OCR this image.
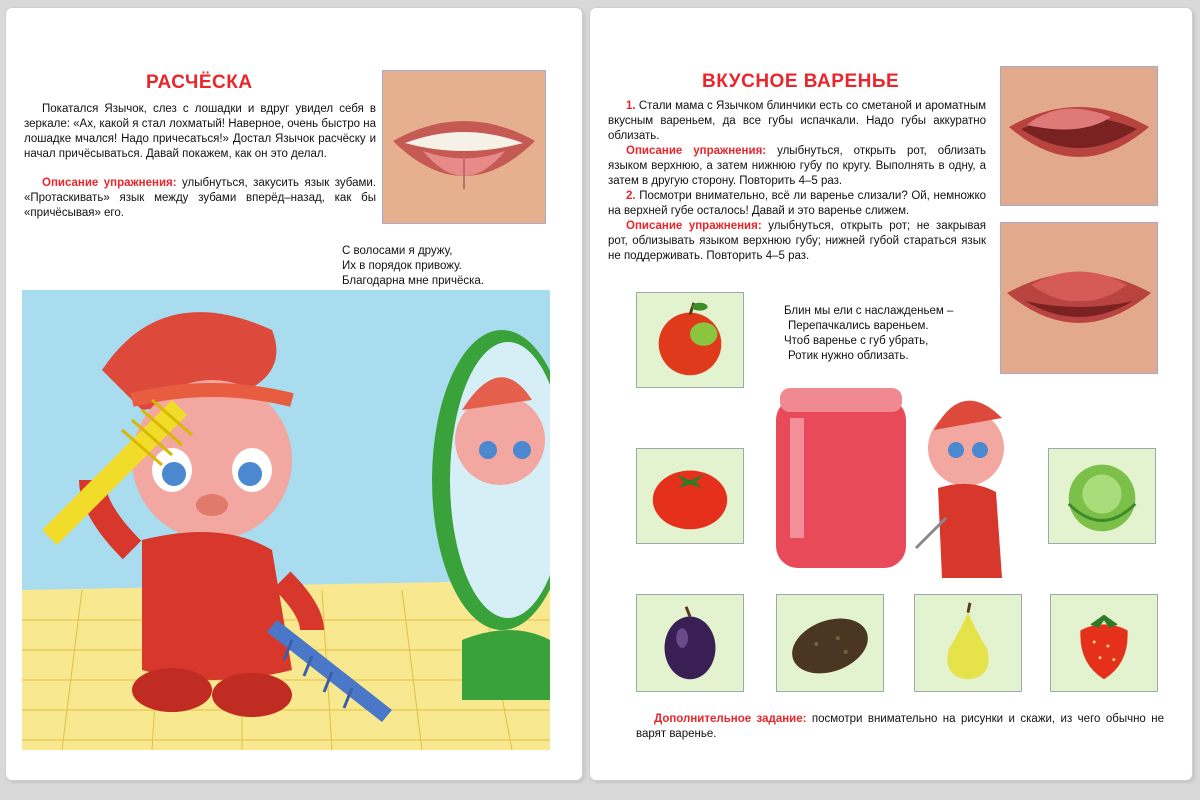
РАСЧЁСКА

Покатался Язычок, слез с лошадки и вдруг увидел себя в зеркале: «Ах, какой я стал лохматый! Наверное, очень быстро на лошадке мчался! Надо причесаться!» Достал Язычок расчёску и начал причёсываться. Давай покажем, как он это делал.

Описание упражнения: улыбнуться, закусить язык зубами. «Протаскивать» язык между зубами вперёд–назад, как бы «причёсывая» его.

С волосами я дружу,
Их в порядок привожу.
Благодарна мне причёска.
ВКУСНОЕ ВАРЕНЬЕ

1. Стали мама с Язычком блинчики есть со сметаной и ароматным вкусным вареньем, да все губы испачкали. Надо губы аккуратно облизать.

Описание упражнения: улыбнуться, открыть рот, облизать языком верхнюю, а затем нижнюю губу по кругу. Выполнять в одну, а затем в другую сторону. Повторить 4–5 раз.

2. Посмотри внимательно, всё ли варенье слизали? Ой, немножко на верхней губе осталось! Давай и это варенье слижем.

Описание упражнения: улыбнуться, открыть рот; не закрывая рот, облизывать языком верхнюю губу; нижней губой стараться язык не поддерживать. Повторить 4–5 раз.

Блин мы ели с наслажденьем –
Перепачкались вареньем.
Чтоб варенье с губ убрать,
Ротик нужно облизать.

Дополнительное задание: посмотри внимательно на рисунки и скажи, из чего обычно не варят варенье.
